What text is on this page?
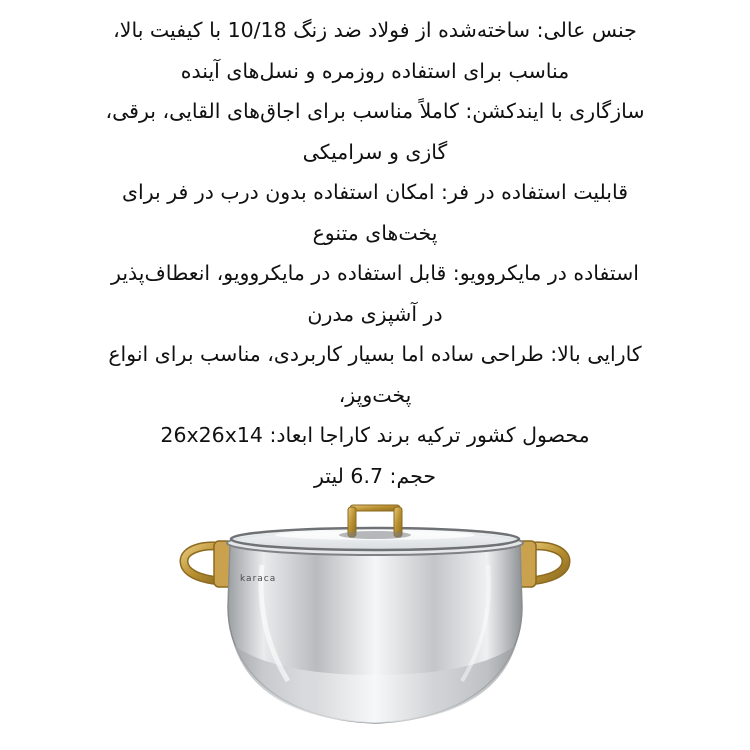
جنس عالی: ساخته‌شده از فولاد ضد زنگ 10/18 با کیفیت بالا،

مناسب برای استفاده روزمره و نسل‌های آینده

سازگاری با ایندکشن: کاملاً مناسب برای اجاق‌های القایی، برقی،

گازی و سرامیکی

قابلیت استفاده در فر: امکان استفاده بدون درب در فر برای

پخت‌های متنوع

استفاده در مایکروویو: قابل استفاده در مایکروویو، انعطاف‌پذیر

در آشپزی مدرن

کارایی بالا: طراحی ساده اما بسیار کاربردی، مناسب برای انواع

پخت‌وپز،

محصول کشور ترکیه برند کاراجا ابعاد: 26x26x14

حجم: 6.7 لیتر

karaca
